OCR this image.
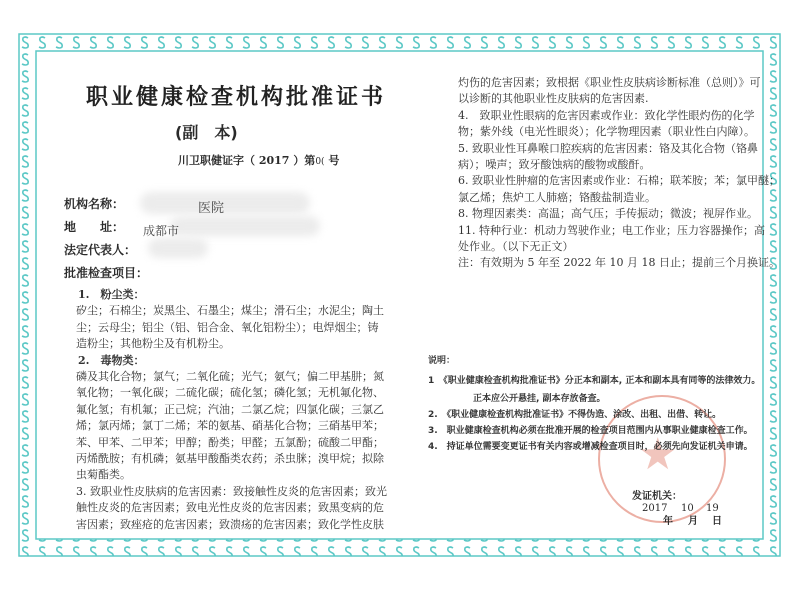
职业健康检查机构批准证书
(副　本)
川卫职健证字（ 2017 ）第0( 号
机构名称：	医院
地　　址： 成都市
法定代表人：
批准检查项目：
1.　粉尘类：
矽尘；石棉尘；炭黑尘、石墨尘；煤尘；滑石尘；水泥尘；陶土
尘；云母尘；铝尘（铝、铝合金、氧化铝粉尘）；电焊烟尘；铸
造粉尘；其他粉尘及有机粉尘。
2.　毒物类：
磷及其化合物；氯气；二氧化硫；光气；氨气；偏二甲基肼；氮
氧化物；一氧化碳；二硫化碳；硫化氢；磷化氢；无机氟化物、
氟化氢；有机氟；正己烷；汽油；二氯乙烷；四氯化碳；三氯乙
烯；氯丙烯；氯丁二烯；苯的氨基、硝基化合物；三硝基甲苯；
苯、甲苯、二甲苯；甲醇；酚类；甲醛；五氯酚；硫酸二甲酯；
丙烯酰胺；有机磷；氨基甲酸酯类农药；杀虫脒；溴甲烷；拟除
虫菊酯类。
3. 致职业性皮肤病的危害因素：致接触性皮炎的危害因素；致光
触性皮炎的危害因素；致电光性皮炎的危害因素；致黑变病的危
害因素；致痤疮的危害因素；致溃疡的危害因素；致化学性皮肤
灼伤的危害因素；致根据《职业性皮肤病诊断标准（总则）》可
以诊断的其他职业性皮肤病的危害因素.
4.　致职业性眼病的危害因素或作业：致化学性眼灼伤的化学
物；紫外线（电光性眼炎）；化学物理因素（职业性白内障）。
5. 致职业性耳鼻喉口腔疾病的危害因素：铬及其化合物（铬鼻
病）；噪声；致牙酸蚀病的酸物或酸酐。
6. 致职业性肿瘤的危害因素或作业：石棉；联苯胺；苯；氯甲醚；
氯乙烯；焦炉工人肺癌；铬酸盐制造业。
8. 物理因素类：高温；高气压；手传振动；微波；视屏作业。
11. 特种行业：机动力驾驶作业；电工作业；压力容器操作；高
处作业。（以下无正文）
注：有效期为 5 年至 2022 年 10 月 18 日止；提前三个月换证。
★
说明：
1　《职业健康检查机构批准证书》分正本和副本, 正本和副本具有同等的法律效力。
正本应公开悬挂, 副本存放备查。
2.　《职业健康检查机构批准证书》不得伪造、涂改、出租、出借、转让。
3.　职业健康检查机构必须在批准开展的检查项目范围内从事职业健康检查工作。
4.　持证单位需要变更证书有关内容或增减检查项目时，必须先向发证机关申请。
发证机关：
2017 10 19
年 月 日
